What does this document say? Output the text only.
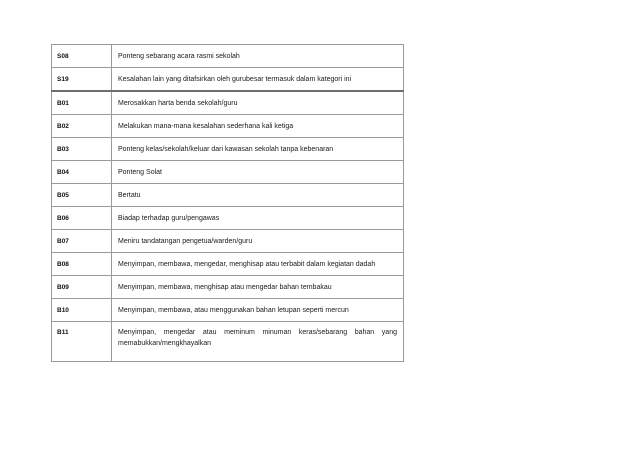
S08	Ponteng sebarang acara rasmi sekolah
S19	Kesalahan lain yang ditafsirkan oleh gurubesar termasuk dalam kategori ini
B01	Merosakkan harta benda sekolah/guru
B02	Melakukan mana-mana kesalahan sederhana kali ketiga
B03	Ponteng kelas/sekolah/keluar dari kawasan sekolah tanpa kebenaran
B04	Ponteng Solat
B05	Bertatu
B06	Biadap terhadap guru/pengawas
B07	Meniru tandatangan pengetua/warden/guru
B08	Menyimpan, membawa, mengedar, menghisap atau terbabit dalam kegiatan dadah
B09	Menyimpan, membawa, menghisap atau mengedar bahan tembakau
B10	Menyimpan, membawa, atau menggunakan bahan letupan seperti mercun
B11	Menyimpan, mengedar atau meminum minuman keras/sebarang bahan yang memabukkan/mengkhayalkan
